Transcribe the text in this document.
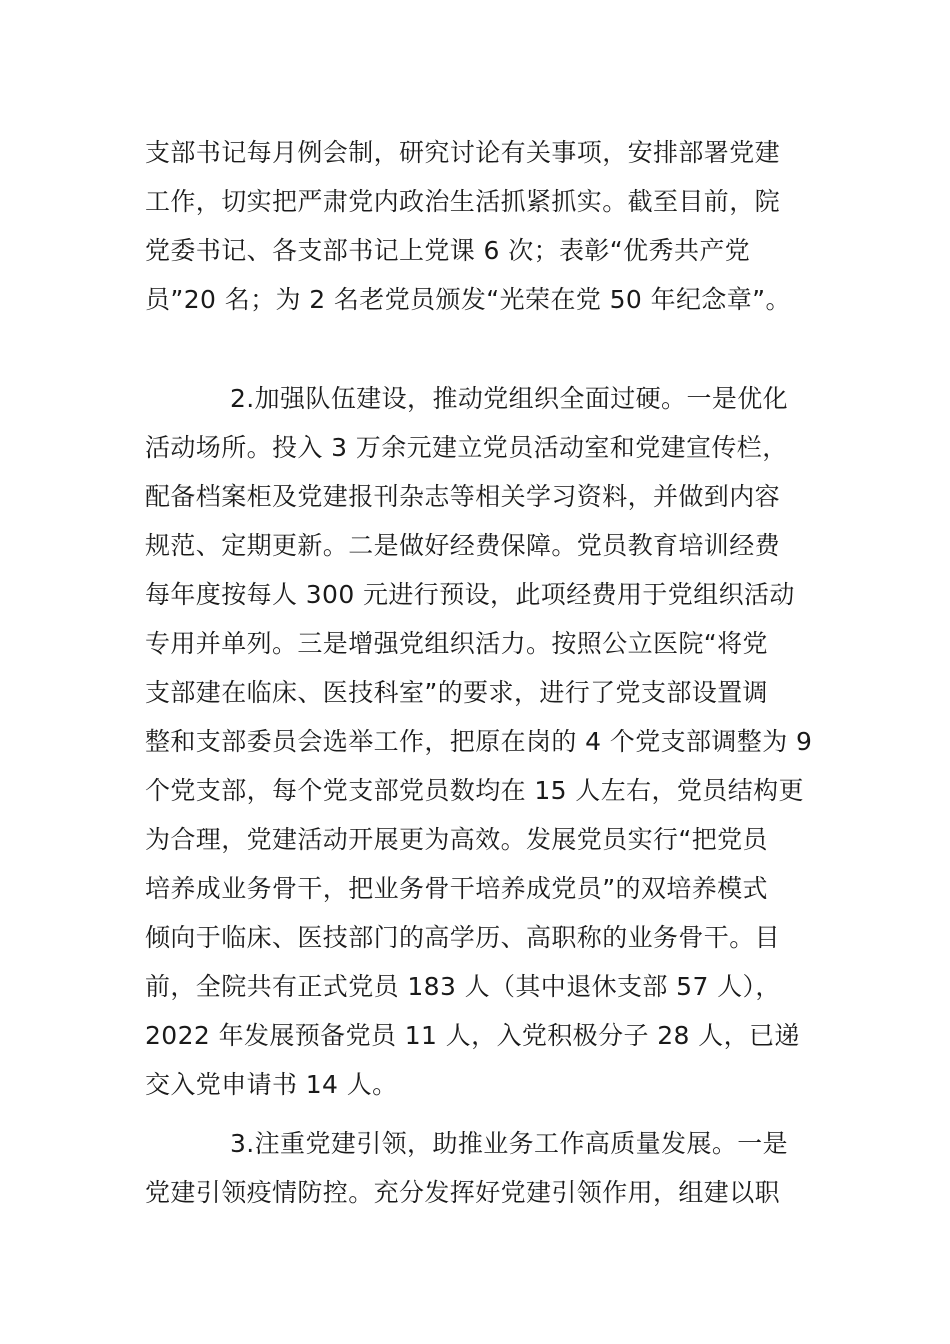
支部书记每月例会制，研究讨论有关事项，安排部署党建
工作，切实把严肃党内政治生活抓紧抓实。截至目前，院
党委书记、各支部书记上党课 6 次；表彰“优秀共产党
员”20 名；为 2 名老党员颁发“光荣在党 50 年纪念章”。
2.加强队伍建设，推动党组织全面过硬。一是优化
活动场所。投入 3 万余元建立党员活动室和党建宣传栏，
配备档案柜及党建报刊杂志等相关学习资料，并做到内容
规范、定期更新。二是做好经费保障。党员教育培训经费
每年度按每人 300 元进行预设，此项经费用于党组织活动
专用并单列。三是增强党组织活力。按照公立医院“将党
支部建在临床、医技科室”的要求，进行了党支部设置调
整和支部委员会选举工作，把原在岗的 4 个党支部调整为 9
个党支部，每个党支部党员数均在 15 人左右，党员结构更
为合理，党建活动开展更为高效。发展党员实行“把党员
培养成业务骨干，把业务骨干培养成党员”的双培养模式
倾向于临床、医技部门的高学历、高职称的业务骨干。目
前，全院共有正式党员 183 人（其中退休支部 57 人），
2022 年发展预备党员 11 人，入党积极分子 28 人，已递
交入党申请书 14 人。
3.注重党建引领，助推业务工作高质量发展。一是
党建引领疫情防控。充分发挥好党建引领作用，组建以职
